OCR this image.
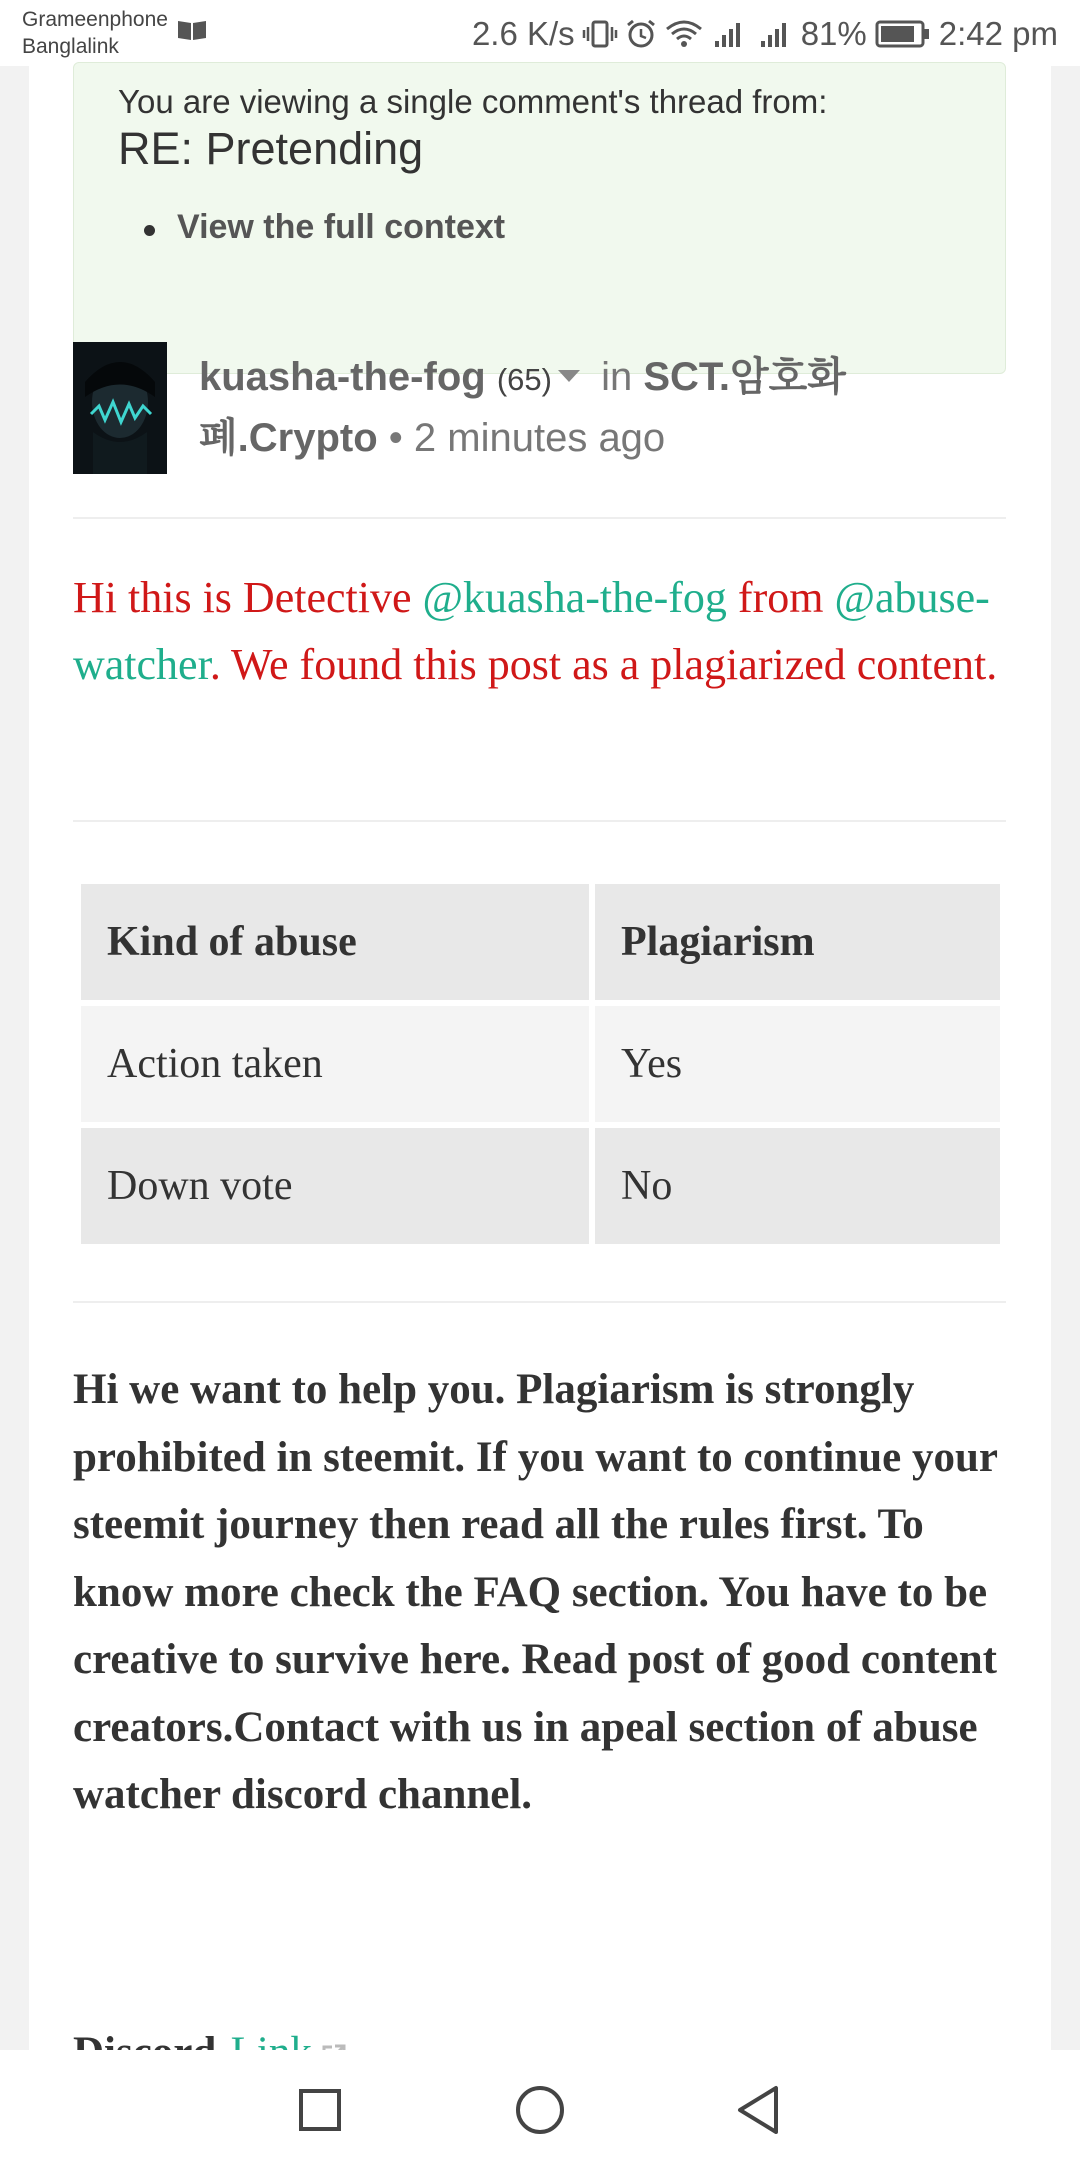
Grameenphone
Banglalink	2.6 K/s	81% 2:42 pm
You are viewing a single comment's thread from:
RE: Pretending
View the full context
kuasha-the-fog (65) in SCT.암호화폐.Crypto • 2 minutes ago
Hi this is Detective @kuasha-the-fog from @abuse-watcher. We found this post as a plagiarized content.
Kind of abuse	Plagiarism
Action taken	Yes
Down vote	No

Hi we want to help you. Plagiarism is strongly prohibited in steemit. If you want to continue your steemit journey then read all the rules first. To know more check the FAQ section. You have to be creative to survive here. Read post of good content creators.Contact with us in apeal section of abuse watcher discord channel.
